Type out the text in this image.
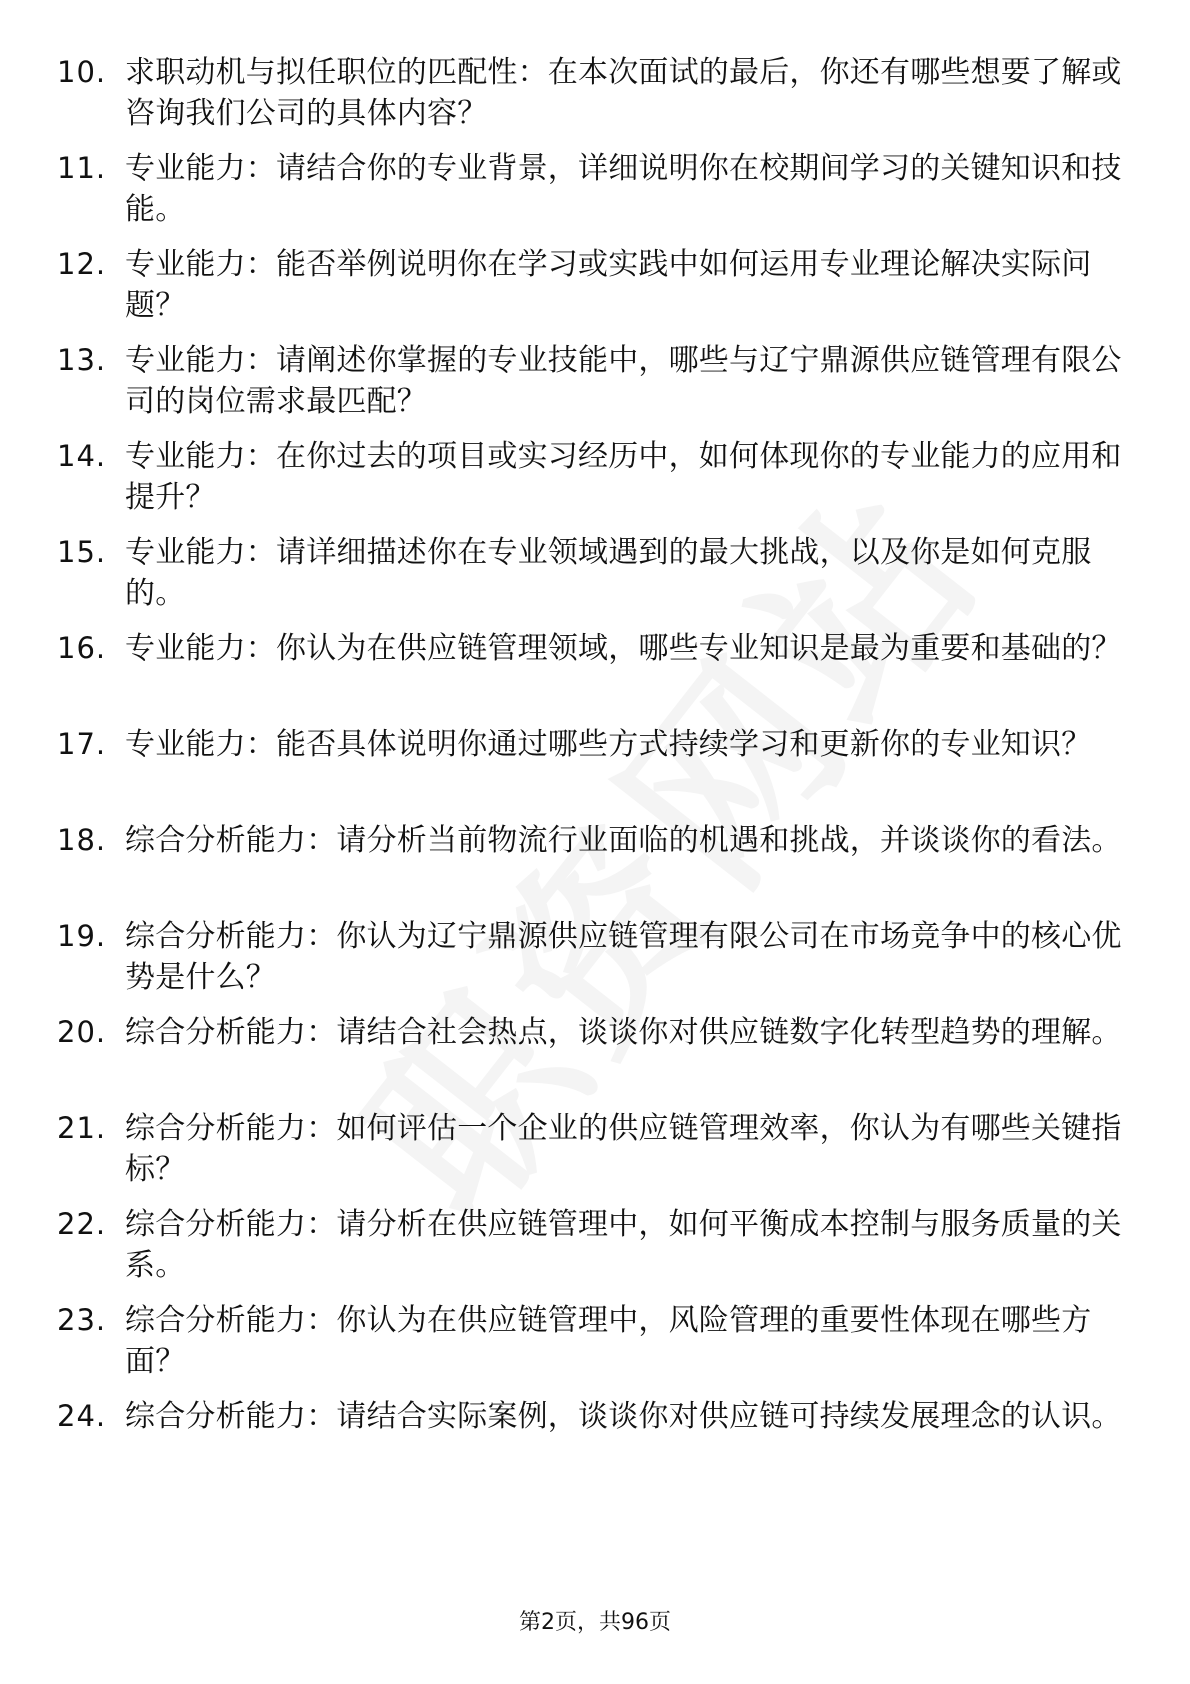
10. 求职动机与拟任职位的匹配性：在本次面试的最后，你还有哪些想要了解或咨询我们公司的具体内容？
11. 专业能力：请结合你的专业背景，详细说明你在校期间学习的关键知识和技能。
12. 专业能力：能否举例说明你在学习或实践中如何运用专业理论解决实际问题？
13. 专业能力：请阐述你掌握的专业技能中，哪些与辽宁鼎源供应链管理有限公司的岗位需求最匹配？
14. 专业能力：在你过去的项目或实习经历中，如何体现你的专业能力的应用和提升？
15. 专业能力：请详细描述你在专业领域遇到的最大挑战，以及你是如何克服的。
16. 专业能力：你认为在供应链管理领域，哪些专业知识是最为重要和基础的？
17. 专业能力：能否具体说明你通过哪些方式持续学习和更新你的专业知识？
18. 综合分析能力：请分析当前物流行业面临的机遇和挑战，并谈谈你的看法。
19. 综合分析能力：你认为辽宁鼎源供应链管理有限公司在市场竞争中的核心优势是什么？
20. 综合分析能力：请结合社会热点，谈谈你对供应链数字化转型趋势的理解。
21. 综合分析能力：如何评估一个企业的供应链管理效率，你认为有哪些关键指标？
22. 综合分析能力：请分析在供应链管理中，如何平衡成本控制与服务质量的关系。
23. 综合分析能力：你认为在供应链管理中，风险管理的重要性体现在哪些方面？
24. 综合分析能力：请结合实际案例，谈谈你对供应链可持续发展理念的认识。
第2页，共96页
